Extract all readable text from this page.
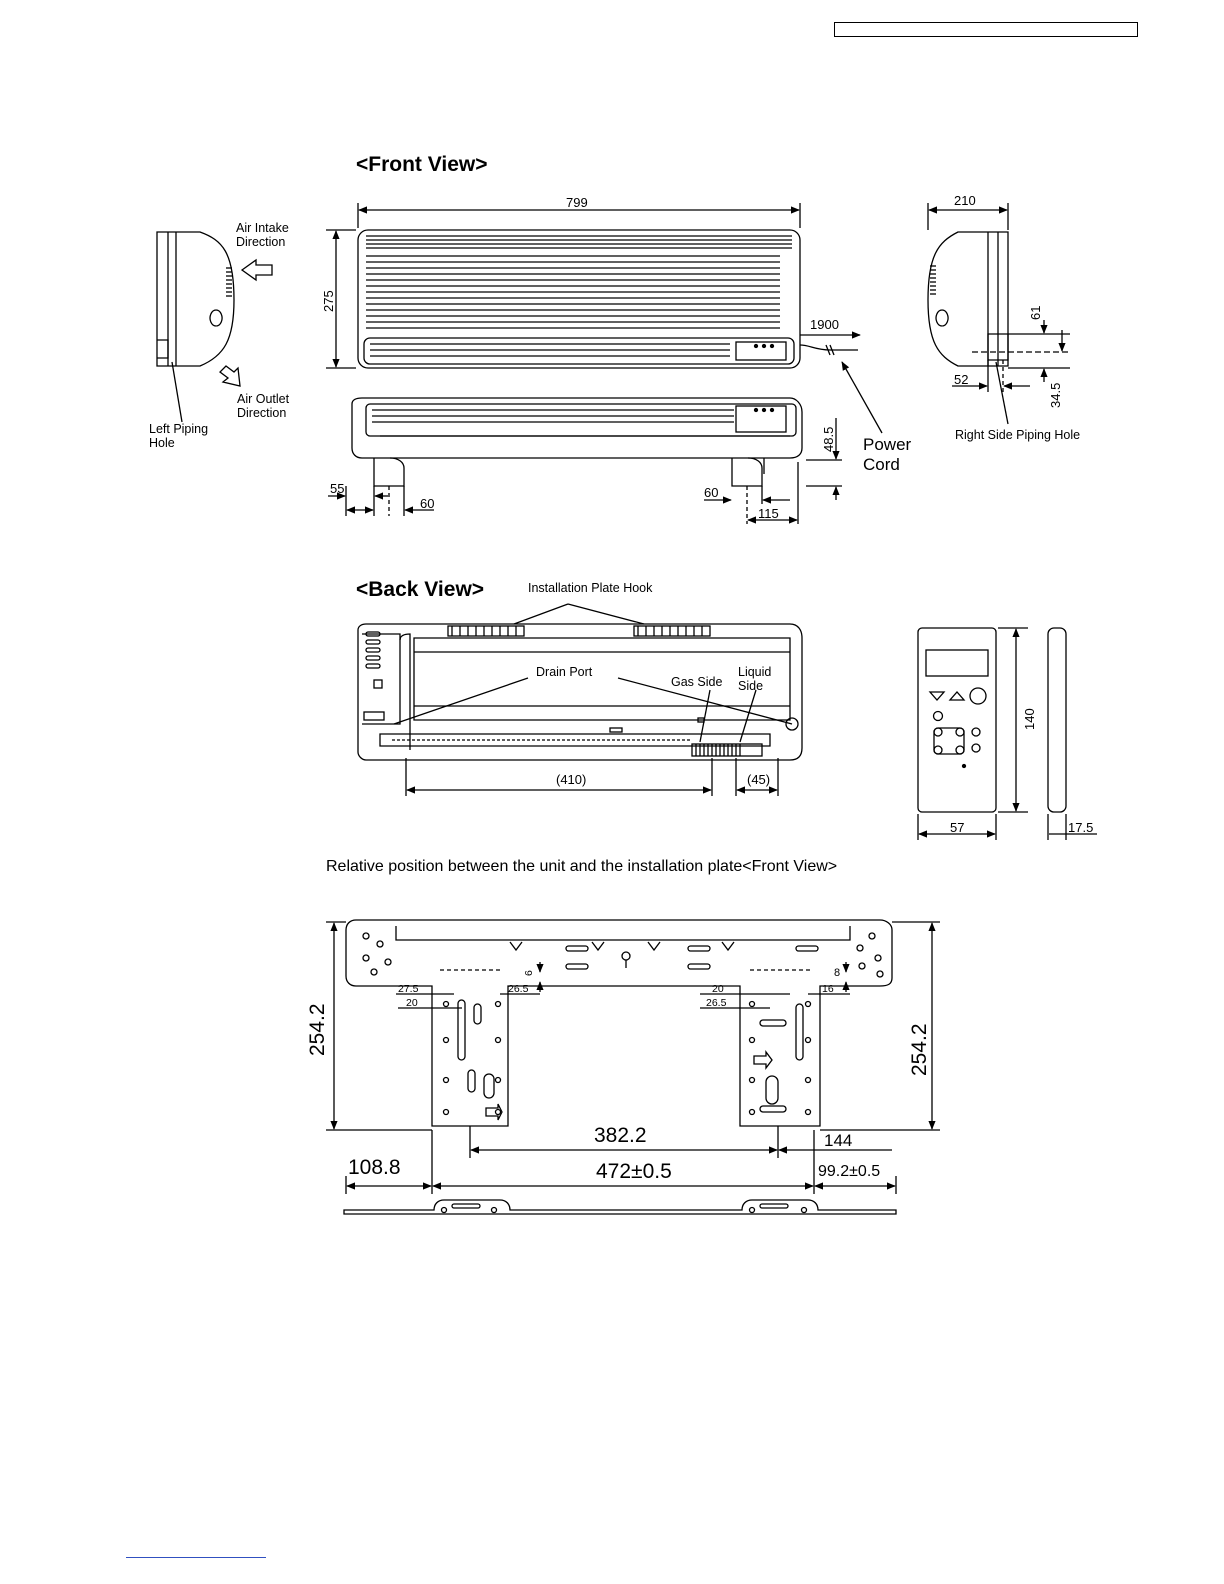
<Front View>
<Back View>
Relative position between the unit and the installation plate<Front View>
Air Intake
Direction
Air Outlet
Direction
Left Piping
Hole	Power
Cord
Right Side Piping Hole
Installation Plate Hook
Drain Port
Gas Side
Liquid
Side
799
275
1900
210
61
52
34.5
48.5
55
60
60
115
(410)	(45)
140
57	17.5
254.2	254.2
382.2	144
108.8	472±0.5	99.2±0.5
27.5
20
26.5
6
20
26.5
16
8
